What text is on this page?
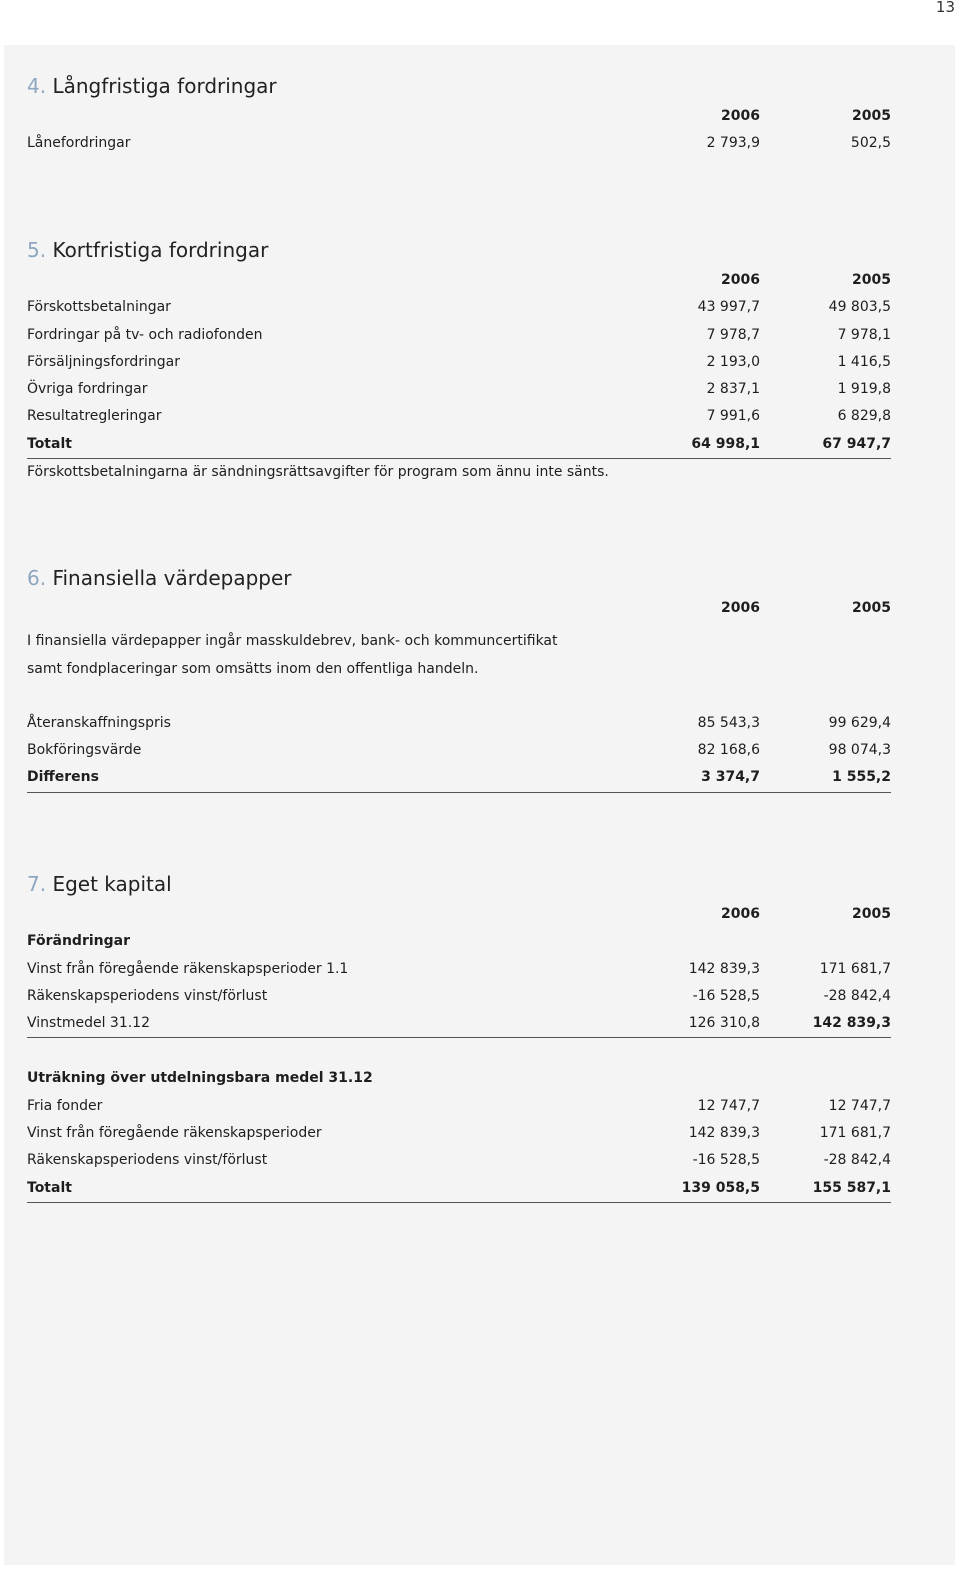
13
4. Långfristiga fordringar
2006	2005
Lånefordringar	2 793,9	502,5
5. Kortfristiga fordringar
2006	2005
Förskottsbetalningar	43 997,7	49 803,5
Fordringar på tv- och radiofonden	7 978,7	7 978,1
Försäljningsfordringar	2 193,0	1 416,5
Övriga fordringar	2 837,1	1 919,8
Resultatregleringar	7 991,6	6 829,8
Totalt	64 998,1	67 947,7
Förskottsbetalningarna är sändningsrättsavgifter för program som ännu inte sänts.
6. Finansiella värdepapper
2006	2005
I finansiella värdepapper ingår masskuldebrev, bank- och kommuncertifikat
samt fondplaceringar som omsätts inom den offentliga handeln.
Återanskaffningspris	85 543,3	99 629,4
Bokföringsvärde	82 168,6	98 074,3
Differens	3 374,7	1 555,2
7. Eget kapital
2006	2005
Förändringar
Vinst från föregående räkenskapsperioder 1.1	142 839,3	171 681,7
Räkenskapsperiodens vinst/förlust	-16 528,5	-28 842,4
Vinstmedel 31.12	126 310,8	142 839,3
Uträkning över utdelningsbara medel 31.12
Fria fonder	12 747,7	12 747,7
Vinst från föregående räkenskapsperioder	142 839,3	171 681,7
Räkenskapsperiodens vinst/förlust	-16 528,5	-28 842,4
Totalt	139 058,5	155 587,1
